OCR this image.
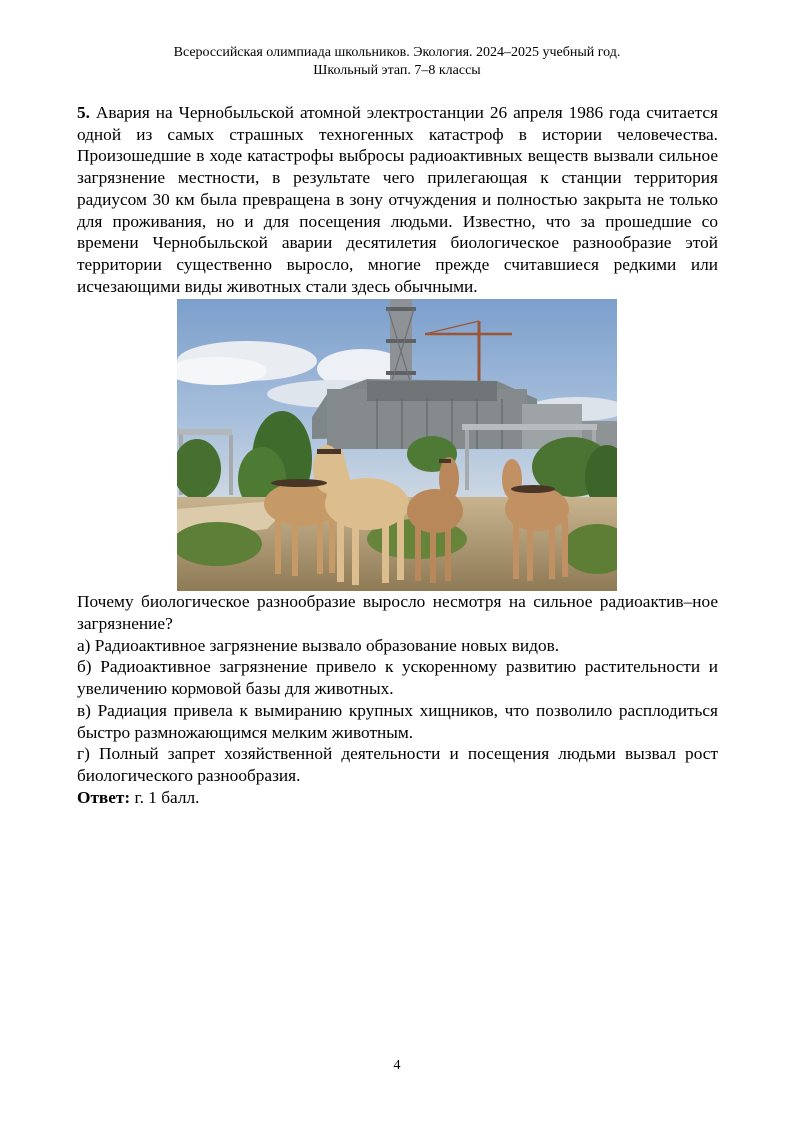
Всероссийская олимпиада школьников. Экология. 2024–2025 учебный год.
Школьный этап. 7–8 классы

5. Авария на Чернобыльской атомной электростанции 26 апреля 1986 года считается одной из самых страшных техногенных катастроф в истории человечества. Произошедшие в ходе катастрофы выбросы радиоактивных веществ вызвали сильное загрязнение местности, в результате чего прилегающая к станции территория радиусом 30 км была превращена в зону отчуждения и полностью закрыта не только для проживания, но и для посещения людьми. Известно, что за прошедшие со времени Чернобыльской аварии десятилетия биологическое разнообразие этой территории существенно выросло, многие прежде считавшиеся редкими или исчезающими виды животных стали здесь обычными.

Почему биологическое разнообразие выросло несмотря на сильное радиоактив–ное загрязнение?

а) Радиоактивное загрязнение вызвало образование новых видов.

б) Радиоактивное загрязнение привело к ускоренному развитию растительности и увеличению кормовой базы для животных.

в) Радиация привела к вымиранию крупных хищников, что позволило расплодиться быстро размножающимся мелким животным.

г) Полный запрет хозяйственной деятельности и посещения людьми вызвал рост биологического разнообразия.

Ответ: г. 1 балл.

4
